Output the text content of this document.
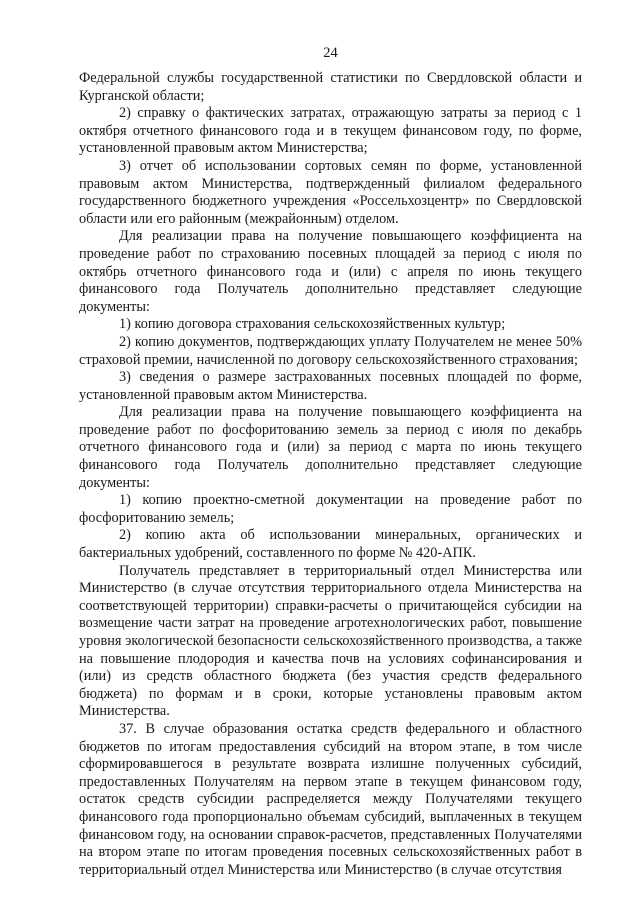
24

Федеральной службы государственной статистики по Свердловской области и Курганской области;

2) справку о фактических затратах, отражающую затраты за период с 1 октября отчетного финансового года и в текущем финансовом году, по форме, установленной правовым актом Министерства;

3) отчет об использовании сортовых семян по форме, установленной правовым актом Министерства, подтвержденный филиалом федерального государственного бюджетного учреждения «Россельхозцентр» по Свердловской области или его районным (межрайонным) отделом.

Для реализации права на получение повышающего коэффициента на проведение работ по страхованию посевных площадей за период с июля по октябрь отчетного финансового года и (или) с апреля по июнь текущего финансового года Получатель дополнительно представляет следующие документы:

1) копию договора страхования сельскохозяйственных культур;

2) копию документов, подтверждающих уплату Получателем не менее 50% страховой премии, начисленной по договору сельскохозяйственного страхования;

3) сведения о размере застрахованных посевных площадей по форме, установленной правовым актом Министерства.

Для реализации права на получение повышающего коэффициента на проведение работ по фосфоритованию земель за период с июля по декабрь отчетного финансового года и (или) за период с марта по июнь текущего финансового года Получатель дополнительно представляет следующие документы:

1) копию проектно-сметной документации на проведение работ по фосфоритованию земель;

2) копию акта об использовании минеральных, органических и бактериальных удобрений, составленного по форме № 420-АПК.

Получатель представляет в территориальный отдел Министерства или Министерство (в случае отсутствия территориального отдела Министерства на соответствующей территории) справки-расчеты о причитающейся субсидии на возмещение части затрат на проведение агротехнологических работ, повышение уровня экологической безопасности сельскохозяйственного производства, а также на повышение плодородия и качества почв на условиях софинансирования и (или) из средств областного бюджета (без участия средств федерального бюджета) по формам и в сроки, которые установлены правовым актом Министерства.

37. В случае образования остатка средств федерального и областного бюджетов по итогам предоставления субсидий на втором этапе, в том числе сформировавшегося в результате возврата излишне полученных субсидий, предоставленных Получателям на первом этапе в текущем финансовом году, остаток средств субсидии распределяется между Получателями текущего финансового года пропорционально объемам субсидий, выплаченных в текущем финансовом году, на основании справок-расчетов, представленных Получателями на втором этапе по итогам проведения посевных сельскохозяйственных работ в территориальный отдел Министерства или Министерство (в случае отсутствия
